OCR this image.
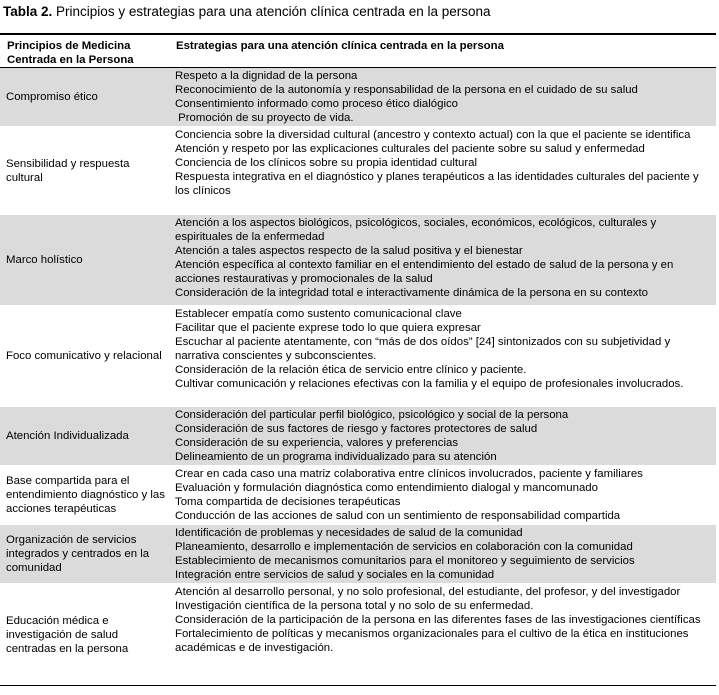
Tabla 2. Principios y estrategias para una atención clínica centrada en la persona
Principios de Medicina Centrada en la Persona	Estrategias para una atención clínica centrada en la persona
Compromiso ético	Respeto a la dignidad de la persona
Reconocimiento de la autonomía y responsabilidad de la persona en el cuidado de su salud
Consentimiento informado como proceso ético dialógico
Promoción de su proyecto de vida.

Sensibilidad y respuesta cultural	Conciencia sobre la diversidad cultural (ancestro y contexto actual) con la que el paciente se identifica
Atención y respeto por las explicaciones culturales del paciente sobre su salud y enfermedad
Conciencia de los clínicos sobre su propia identidad cultural
Respuesta integrativa en el diagnóstico y planes terapéuticos a las identidades culturales del paciente y los clínicos

Marco holístico	Atención a los aspectos biológicos, psicológicos, sociales, económicos, ecológicos, culturales y espirituales de la enfermedad
Atención a tales aspectos respecto de la salud positiva y el bienestar
Atención específica al contexto familiar en el entendimiento del estado de salud de la persona y en acciones restaurativas y promocionales de la salud
Consideración de la integridad total e interactivamente dinámica de la persona en su contexto

Foco comunicativo y relacional	Establecer empatía como sustento comunicacional clave
Facilitar que el paciente exprese todo lo que quiera expresar
Escuchar al paciente atentamente, con “más de dos oídos” [24] sintonizados con su subjetividad y narrativa conscientes y subconscientes.
Consideración de la relación ética de servicio entre clínico y paciente.
Cultivar comunicación y relaciones efectivas con la familia y el equipo de profesionales involucrados.

Atención Individualizada	Consideración del particular perfil biológico, psicológico y social de la persona
Consideración de sus factores de riesgo y factores protectores de salud
Consideración de su experiencia, valores y preferencias
Delineamiento de un programa individualizado para su atención

Base compartida para el entendimiento diagnóstico y las acciones terapéuticas	Crear en cada caso una matriz colaborativa entre clínicos involucrados, paciente y familiares
Evaluación y formulación diagnóstica como entendimiento dialogal y mancomunado
Toma compartida de decisiones terapéuticas
Conducción de las acciones de salud con un sentimiento de responsabilidad compartida

Organización de servicios integrados y centrados en la comunidad	Identificación de problemas y necesidades de salud de la comunidad
Planeamiento, desarrollo e implementación de servicios en colaboración con la comunidad
Establecimiento de mecanismos comunitarios para el monitoreo y seguimiento de servicios
Integración entre servicios de salud y sociales en la comunidad

Educación médica e investigación de salud centradas en la persona	Atención al desarrollo personal, y no solo profesional, del estudiante, del profesor, y del investigador
Investigación científica de la persona total y no solo de su enfermedad.
Consideración de la participación de la persona en las diferentes fases de las investigaciones científicas
Fortalecimiento de políticas y mecanismos organizacionales para el cultivo de la ética en instituciones académicas e de investigación.
